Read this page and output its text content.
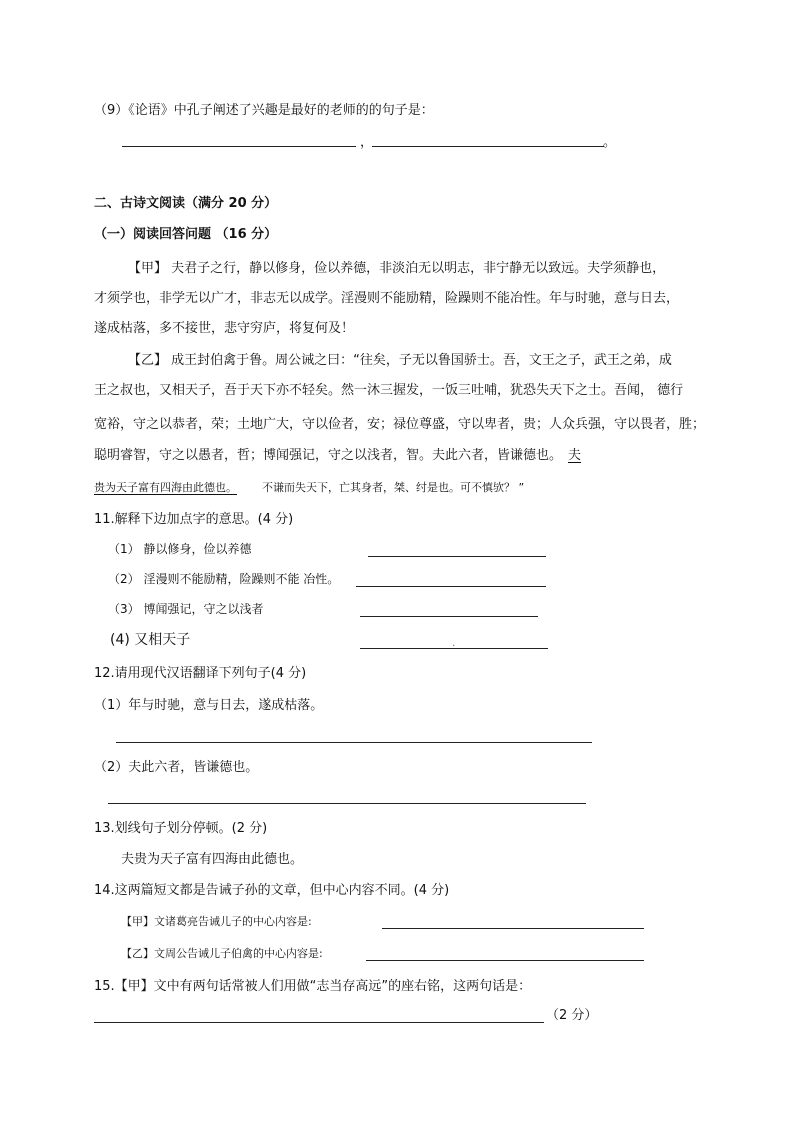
（9）《论语》中孔子阐述了兴趣是最好的老师的的句子是：
，	。
二、古诗文阅读（满分 20 分）
（一）阅读回答问题 （16 分）
【甲】 夫君子之行，静以修身，俭以养德，非淡泊无以明志，非宁静无以致远。夫学须静也，
才须学也，非学无以广才，非志无以成学。淫漫则不能励精，险躁则不能冶性。年与时驰，意与日去，
遂成枯落，多不接世，悲守穷庐，将复何及！
【乙】 成王封伯禽于鲁。周公诫之曰：“往矣，子无以鲁国骄士。吾，文王之子，武王之弟，成
王之叔也，又相天子，吾于天下亦不轻矣。然一沐三握发，一饭三吐哺，犹恐失天下之士。吾闻， 德行
宽裕，守之以恭者，荣；土地广大，守以俭者，安；禄位尊盛，守以卑者，贵；人众兵强，守以畏者，胜；
聪明睿智，守之以愚者，哲；博闻强记，守之以浅者，智。夫此六者，皆谦德也。 夫
贵为天子富有四海由此德也。 不谦而失天下，亡其身者，桀、纣是也。可不慎欤？ ”
11.解释下边加点字的意思。(4 分)
（1） 静以修身，俭以养德
（2） 淫漫则不能励精，险躁则不能 冶性。
（3） 博闻强记，守之以浅者
(4) 又相天子	.
12.请用现代汉语翻译下列句子(4 分)
（1）年与时驰，意与日去，遂成枯落。
（2）夫此六者，皆谦德也。
13.划线句子划分停顿。(2 分)
夫贵为天子富有四海由此德也。
14.这两篇短文都是告诫子孙的文章，但中心内容不同。(4 分)
【甲】文诸葛亮告诫儿子的中心内容是:
【乙】文周公告诫儿子伯禽的中心内容是:
15.【甲】文中有两句话常被人们用做“志当存高远”的座右铭，这两句话是：
（2 分）
